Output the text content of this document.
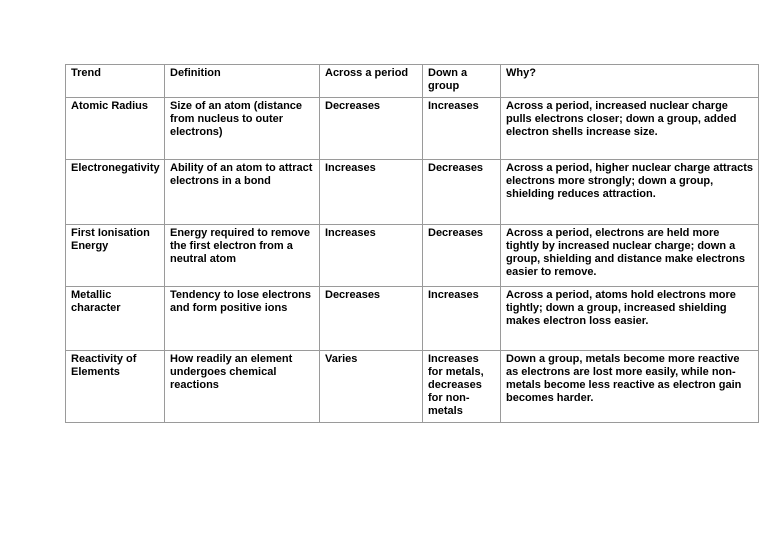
Trend	Definition	Across a period	Down a group	Why?
Atomic Radius	Size of an atom (distance from nucleus to outer electrons)	Decreases	Increases	Across a period, increased nuclear charge pulls electrons closer; down a group, added electron shells increase size.
Electronegativity	Ability of an atom to attract electrons in a bond	Increases	Decreases	Across a period, higher nuclear charge attracts electrons more strongly; down a group, shielding reduces attraction.
First Ionisation Energy	Energy required to remove the first electron from a neutral atom	Increases	Decreases	Across a period, electrons are held more tightly by increased nuclear charge; down a group, shielding and distance make electrons easier to remove.
Metallic character	Tendency to lose electrons and form positive ions	Decreases	Increases	Across a period, atoms hold electrons more tightly; down a group, increased shielding makes electron loss easier.
Reactivity of Elements	How readily an element undergoes chemical reactions	Varies	Increases for metals, decreases for non-metals	Down a group, metals become more reactive as electrons are lost more easily, while non-metals become less reactive as electron gain becomes harder.
